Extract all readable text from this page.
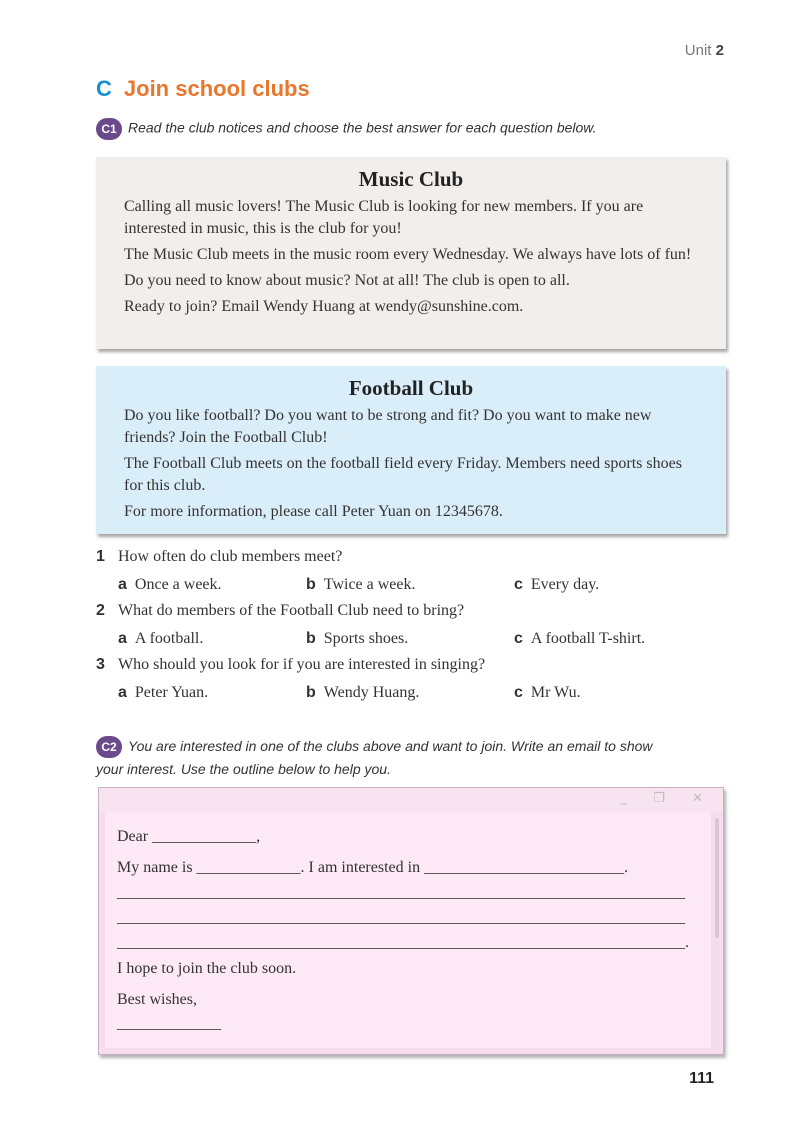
Unit 2
C Join school clubs
C1 Read the club notices and choose the best answer for each question below.
Music Club

Calling all music lovers! The Music Club is looking for new members. If you are interested in music, this is the club for you!

The Music Club meets in the music room every Wednesday. We always have lots of fun!

Do you need to know about music? Not at all! The club is open to all.

Ready to join? Email Wendy Huang at wendy@sunshine.com.

Football Club

Do you like football? Do you want to be strong and fit? Do you want to make new friends? Join the Football Club!

The Football Club meets on the football field every Friday. Members need sports shoes for this club.

For more information, please call Peter Yuan on 12345678.

1 How often do club members meet?
a Once a week.	b Twice a week.	c Every day.
2 What do members of the Football Club need to bring?
a A football.	b Sports shoes.	c A football T-shirt.
3 Who should you look for if you are interested in singing?
a Peter Yuan.	b Wendy Huang.	c Mr Wu.
C2 You are interested in one of the clubs above and want to join. Write an email to show
your interest. Use the outline below to help you.
_ ❐ ✕
Dear _____________,
My name is _____________. I am interested in _________________________.
_______________________________________________________________________
_______________________________________________________________________
_______________________________________________________________________.
I hope to join the club soon.
Best wishes,
_____________
111
